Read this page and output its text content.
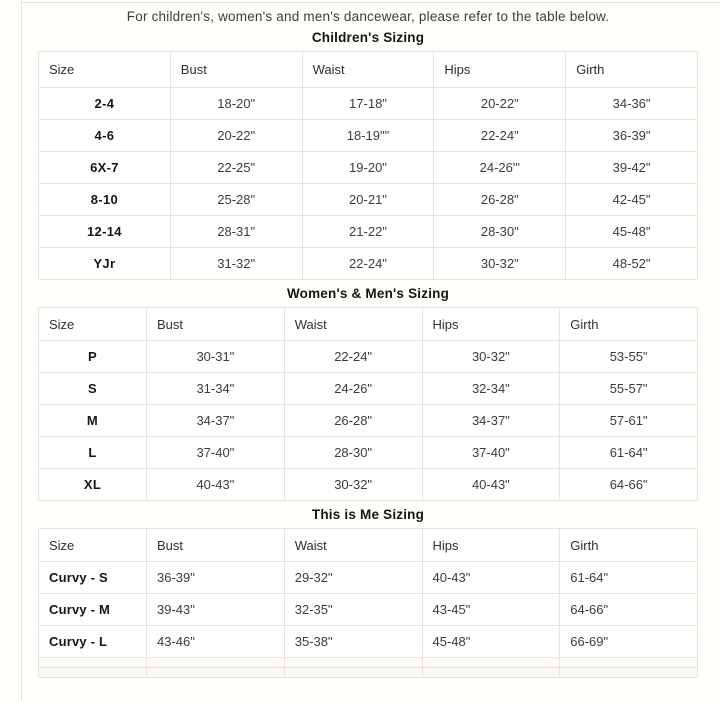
For children's, women's and men's dancewear, please refer to the table below.

Children's Sizing
Size	Bust	Waist	Hips	Girth
2-4	18-20"	17-18"	20-22"	34-36"
4-6	20-22"	18-19""	22-24"	36-39"
6X-7	22-25"	19-20"	24-26"'	39-42"
8-10	25-28"	20-21"	26-28"	42-45"
12-14	28-31"	21-22"	28-30"	45-48"
YJr	31-32"	22-24"	30-32"	48-52"
Women's & Men's Sizing
Size	Bust	Waist	Hips	Girth
P	30-31"	22-24"	30-32"	53-55"
S	31-34"	24-26"	32-34"	55-57"
M	34-37"	26-28"	34-37"	57-61"
L	37-40"	28-30"	37-40"	61-64"
XL	40-43"	30-32"	40-43"	64-66"
This is Me Sizing
Size	Bust	Waist	Hips	Girth
Curvy - S	36-39"	29-32"	40-43"	61-64"
Curvy - M	39-43"	32-35"	43-45"	64-66"
Curvy - L	43-46"	35-38"	45-48"	66-69"
